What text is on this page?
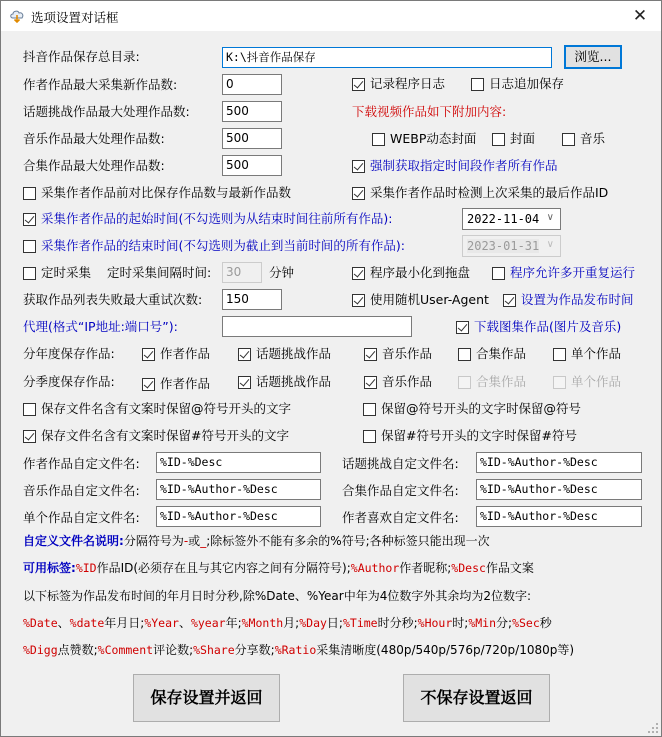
选项设置对话框	✕
抖音作品保存总目录:	K:\抖音作品保存	浏览...
作者作品最大采集新作品数:	0	记录程序日志	日志追加保存
话题挑战作品最大处理作品数:	500	下载视频作品如下附加内容:
音乐作品最大处理作品数:	500	WEBP动态封面	封面	音乐
合集作品最大处理作品数:	500	强制获取指定时间段作者所有作品
采集作者作品前对比保存作品数与最新作品数	采集作者作品时检测上次采集的最后作品ID
采集作者作品的起始时间(不勾选则为从结束时间往前所有作品):	2022-11-04 ∨
采集作者作品的结束时间(不勾选则为截止到当前时间的所有作品):	2023-01-31 ∨
定时采集 定时采集间隔时间:	30	分钟	程序最小化到拖盘	程序允许多开重复运行
获取作品列表失败最大重试次数:	150	使用随机User-Agent	设置为作品发布时间
代理(格式“IP地址:端口号”):	下载图集作品(图片及音乐)
分年度保存作品:	作者作品	话题挑战作品	音乐作品	合集作品	单个作品
分季度保存作品:	作者作品	话题挑战作品	音乐作品	合集作品	单个作品
保存文件名含有文案时保留@符号开头的文字	保留@符号开头的文字时保留@符号
保存文件名含有文案时保留#符号开头的文字	保留#符号开头的文字时保留#符号
作者作品自定文件名:	%ID-%Desc	话题挑战自定文件名:	%ID-%Author-%Desc
音乐作品自定文件名:	%ID-%Author-%Desc	合集作品自定文件名:	%ID-%Author-%Desc
单个作品自定文件名:	%ID-%Author-%Desc	作者喜欢自定文件名:	%ID-%Author-%Desc
自定义文件名说明:分隔符号为-或_;除标签外不能有多余的%符号;各种标签只能出现一次
可用标签:%ID作品ID(必须存在且与其它内容之间有分隔符号);%Author作者昵称;%Desc作品文案
以下标签为作品发布时间的年月日时分秒,除%Date、%Year中年为4位数字外其余均为2位数字:
%Date、%date年月日;%Year、%year年;%Month月;%Day日;%Time时分秒;%Hour时;%Min分;%Sec秒
%Digg点赞数;%Comment评论数;%Share分享数;%Ratio采集清晰度(480p/540p/576p/720p/1080p等)
保存设置并返回	不保存设置返回
